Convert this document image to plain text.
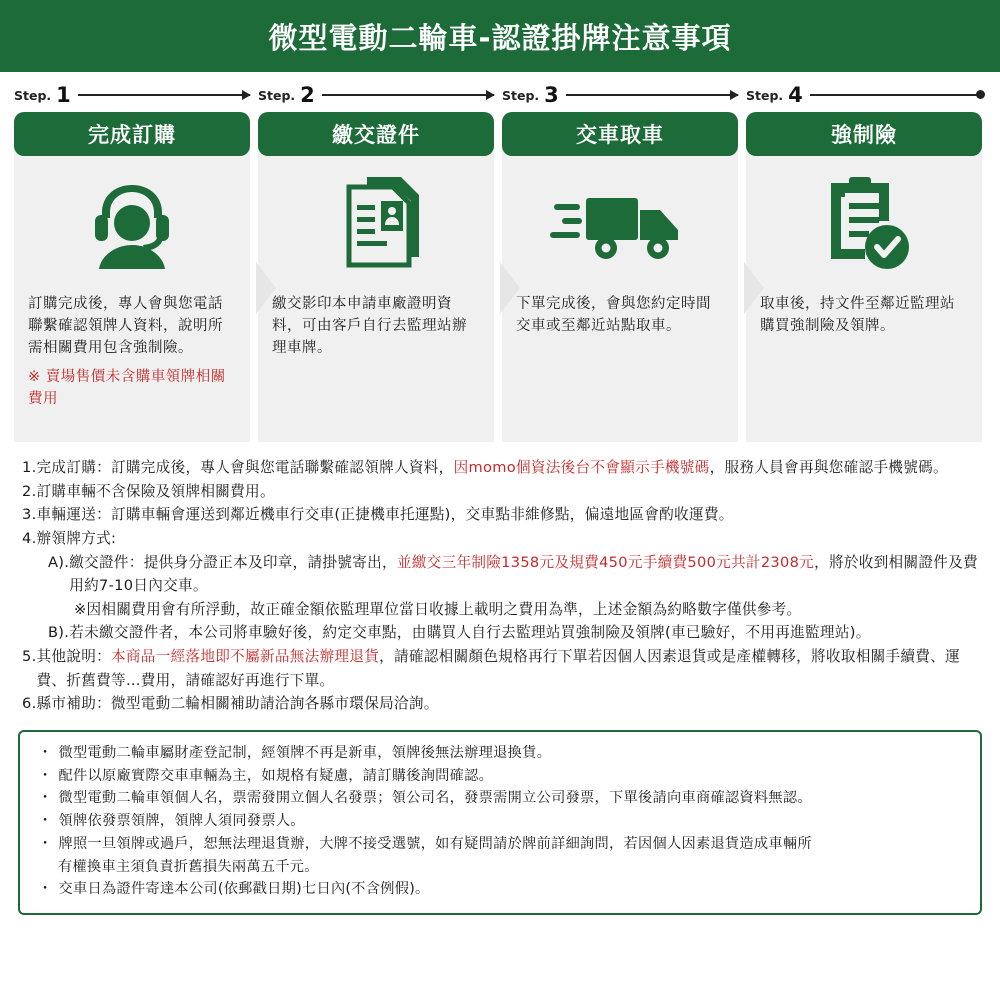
微型電動二輪車-認證掛牌注意事項
Step. 1
完成訂購
訂購完成後，專人會與您電話聯繫確認領牌人資料，說明所需相關費用包含強制險。
※ 賣場售價未含購車領牌相關費用
Step. 2
繳交證件
繳交影印本申請車廠證明資料，可由客戶自行去監理站辦理車牌。
Step. 3
交車取車
下單完成後，會與您約定時間交車或至鄰近站點取車。
Step. 4
強制險
取車後，持文件至鄰近監理站購買強制險及領牌。
1. 完成訂購：訂購完成後，專人會與您電話聯繫確認領牌人資料，因momo個資法後台不會顯示手機號碼，服務人員會再與您確認手機號碼。
2. 訂購車輛不含保險及領牌相關費用。
3. 車輛運送：訂購車輛會運送到鄰近機車行交車(正捷機車托運點)，交車點非維修點，偏遠地區會酌收運費。
4. 辦領牌方式:
A). 繳交證件：提供身分證正本及印章，請掛號寄出，並繳交三年制險1358元及規費450元手續費500元共計2308元，將於收到相關證件及費用約7-10日內交車。
※因相關費用會有所浮動，故正確金額依監理單位當日收據上載明之費用為準，上述金額為約略數字僅供參考。
B). 若未繳交證件者，本公司將車驗好後，約定交車點，由購買人自行去監理站買強制險及領牌(車已驗好，不用再進監理站)。
5. 其他說明：本商品一經落地即不屬新品無法辦理退貨，請確認相關顏色規格再行下單若因個人因素退貨或是產權轉移，將收取相關手續費、運費、折舊費等…費用，請確認好再進行下單。
6. 縣市補助：微型電動二輪相關補助請洽詢各縣市環保局洽詢。
・ 微型電動二輪車屬財產登記制，經領牌不再是新車，領牌後無法辦理退換貨。
・ 配件以原廠實際交車車輛為主，如規格有疑慮，請訂購後詢問確認。
・ 微型電動二輪車領個人名，票需發開立個人名發票；領公司名，發票需開立公司發票，下單後請向車商確認資料無認。
・ 領牌依發票領牌，領牌人須同發票人。
・ 牌照一旦領牌或過戶，恕無法理退貨辦，大牌不接受選號，如有疑問請於牌前詳細詢問，若因個人因素退貨造成車輛所
有權換車主須負責折舊損失兩萬五千元。
・ 交車日為證件寄達本公司(依郵戳日期)七日內(不含例假)。
